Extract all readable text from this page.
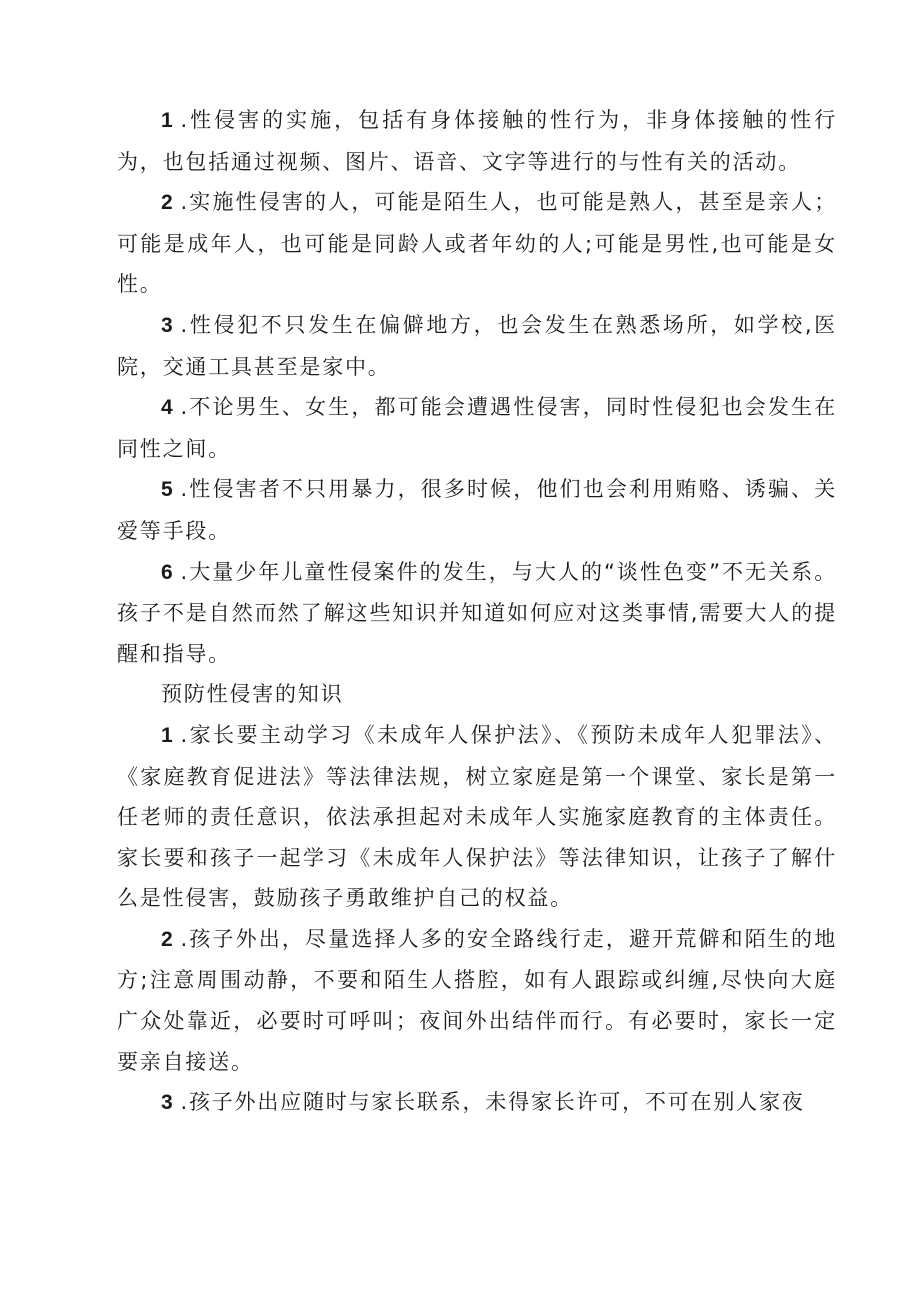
1 .性侵害的实施，包括有身体接触的性行为，非身体接触的性行为，也包括通过视频、图片、语音、文字等进行的与性有关的活动。

2 .实施性侵害的人，可能是陌生人，也可能是熟人，甚至是亲人；可能是成年人，也可能是同龄人或者年幼的人;可能是男性,也可能是女性。

3 .性侵犯不只发生在偏僻地方，也会发生在熟悉场所，如学校,医院，交通工具甚至是家中。

4 .不论男生、女生，都可能会遭遇性侵害，同时性侵犯也会发生在同性之间。

5 .性侵害者不只用暴力，很多时候，他们也会利用贿赂、诱骗、关爱等手段。

6 .大量少年儿童性侵案件的发生，与大人的“谈性色变”不无关系。孩子不是自然而然了解这些知识并知道如何应对这类事情,需要大人的提醒和指导。

预防性侵害的知识

1 .家长要主动学习《未成年人保护法》、《预防未成年人犯罪法》、《家庭教育促进法》等法律法规，树立家庭是第一个课堂、家长是第一任老师的责任意识，依法承担起对未成年人实施家庭教育的主体责任。家长要和孩子一起学习《未成年人保护法》等法律知识，让孩子了解什么是性侵害，鼓励孩子勇敢维护自己的权益。

2 .孩子外出，尽量选择人多的安全路线行走，避开荒僻和陌生的地方;注意周围动静，不要和陌生人搭腔，如有人跟踪或纠缠,尽快向大庭广众处靠近，必要时可呼叫；夜间外出结伴而行。有必要时，家长一定要亲自接送。

3 .孩子外出应随时与家长联系，未得家长许可，不可在别人家夜
